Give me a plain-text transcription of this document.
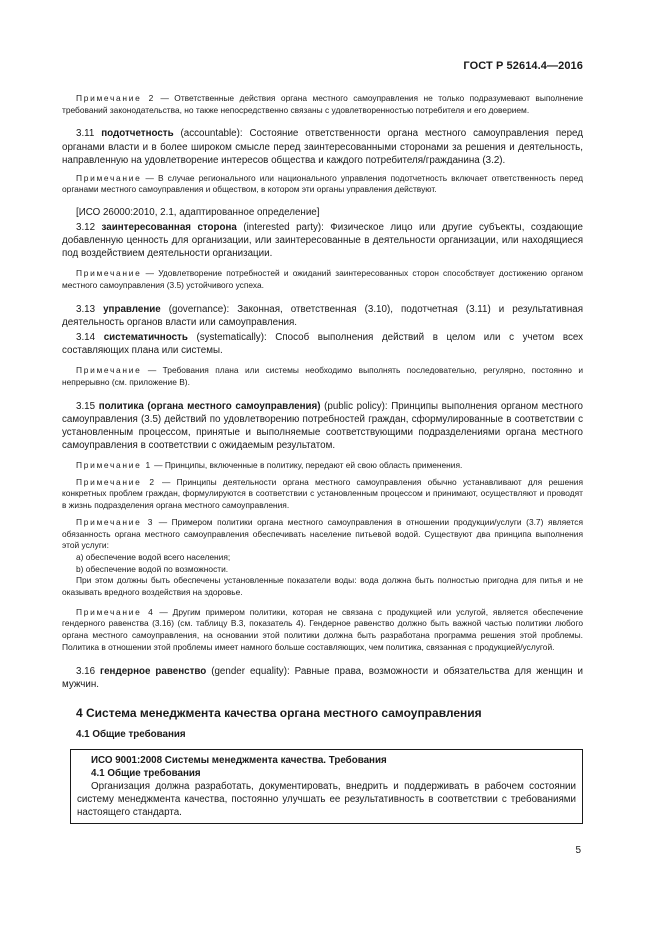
ГОСТ Р 52614.4—2016

Примечание 2 — Ответственные действия органа местного самоуправления не только подразумевают выполнение требований законодательства, но также непосредственно связаны с удовлетворенностью потребителя и его доверием.

3.11 подотчетность (accountable): Состояние ответственности органа местного самоуправления перед органами власти и в более широком смысле перед заинтересованными сторонами за решения и деятельность, направленную на удовлетворение интересов общества и каждого потребителя/гражданина (3.2).

Примечание — В случае регионального или национального управления подотчетность включает ответственность перед органами местного самоуправления и обществом, в котором эти органы управления действуют.

[ИСО 26000:2010, 2.1, адаптированное определение]

3.12 заинтересованная сторона (interested party): Физическое лицо или другие субъекты, создающие добавленную ценность для организации, или заинтересованные в деятельности организации, или находящиеся под воздействием деятельности организации.

Примечание — Удовлетворение потребностей и ожиданий заинтересованных сторон способствует достижению органом местного самоуправления (3.5) устойчивого успеха.

3.13 управление (governance): Законная, ответственная (3.10), подотчетная (3.11) и результативная деятельность органов власти или самоуправления.

3.14 систематичность (systematically): Способ выполнения действий в целом или с учетом всех составляющих плана или системы.

Примечание — Требования плана или системы необходимо выполнять последовательно, регулярно, постоянно и непрерывно (см. приложение В).

3.15 политика (органа местного самоуправления) (public policy): Принципы выполнения органом местного самоуправления (3.5) действий по удовлетворению потребностей граждан, сформулированные в соответствии с установленным процессом, принятые и выполняемые соответствующими подразделениями органа местного самоуправления в соответствии с ожидаемым результатом.

Примечание 1 — Принципы, включенные в политику, передают ей свою область применения.

Примечание 2 — Принципы деятельности органа местного самоуправления обычно устанавливают для решения конкретных проблем граждан, формулируются в соответствии с установленным процессом и принимают, осуществляют и проводят в жизнь подразделения органа местного самоуправления.

Примечание 3 — Примером политики органа местного самоуправления в отношении продукции/услуги (3.7) является обязанность органа местного самоуправления обеспечивать население питьевой водой. Существуют два принципа выполнения этой услуги:

a) обеспечение водой всего населения;

b) обеспечение водой по возможности.

При этом должны быть обеспечены установленные показатели воды: вода должна быть полностью пригодна для питья и не оказывать вредного воздействия на здоровье.

Примечание 4 — Другим примером политики, которая не связана с продукцией или услугой, является обеспечение гендерного равенства (3.16) (см. таблицу В.3, показатель 4). Гендерное равенство должно быть важной частью политики любого органа местного самоуправления, на основании этой политики должна быть разработана программа решения этой проблемы. Политика в отношении этой проблемы имеет намного больше составляющих, чем политика, связанная с продукцией/услугой.

3.16 гендерное равенство (gender equality): Равные права, возможности и обязательства для женщин и мужчин.

4 Система менеджмента качества органа местного самоуправления

4.1 Общие требования

ИСО 9001:2008 Системы менеджмента качества. Требования

4.1 Общие требования

Организация должна разработать, документировать, внедрить и поддерживать в рабочем состоянии систему менеджмента качества, постоянно улучшать ее результативность в соответствии с требованиями настоящего стандарта.

5
